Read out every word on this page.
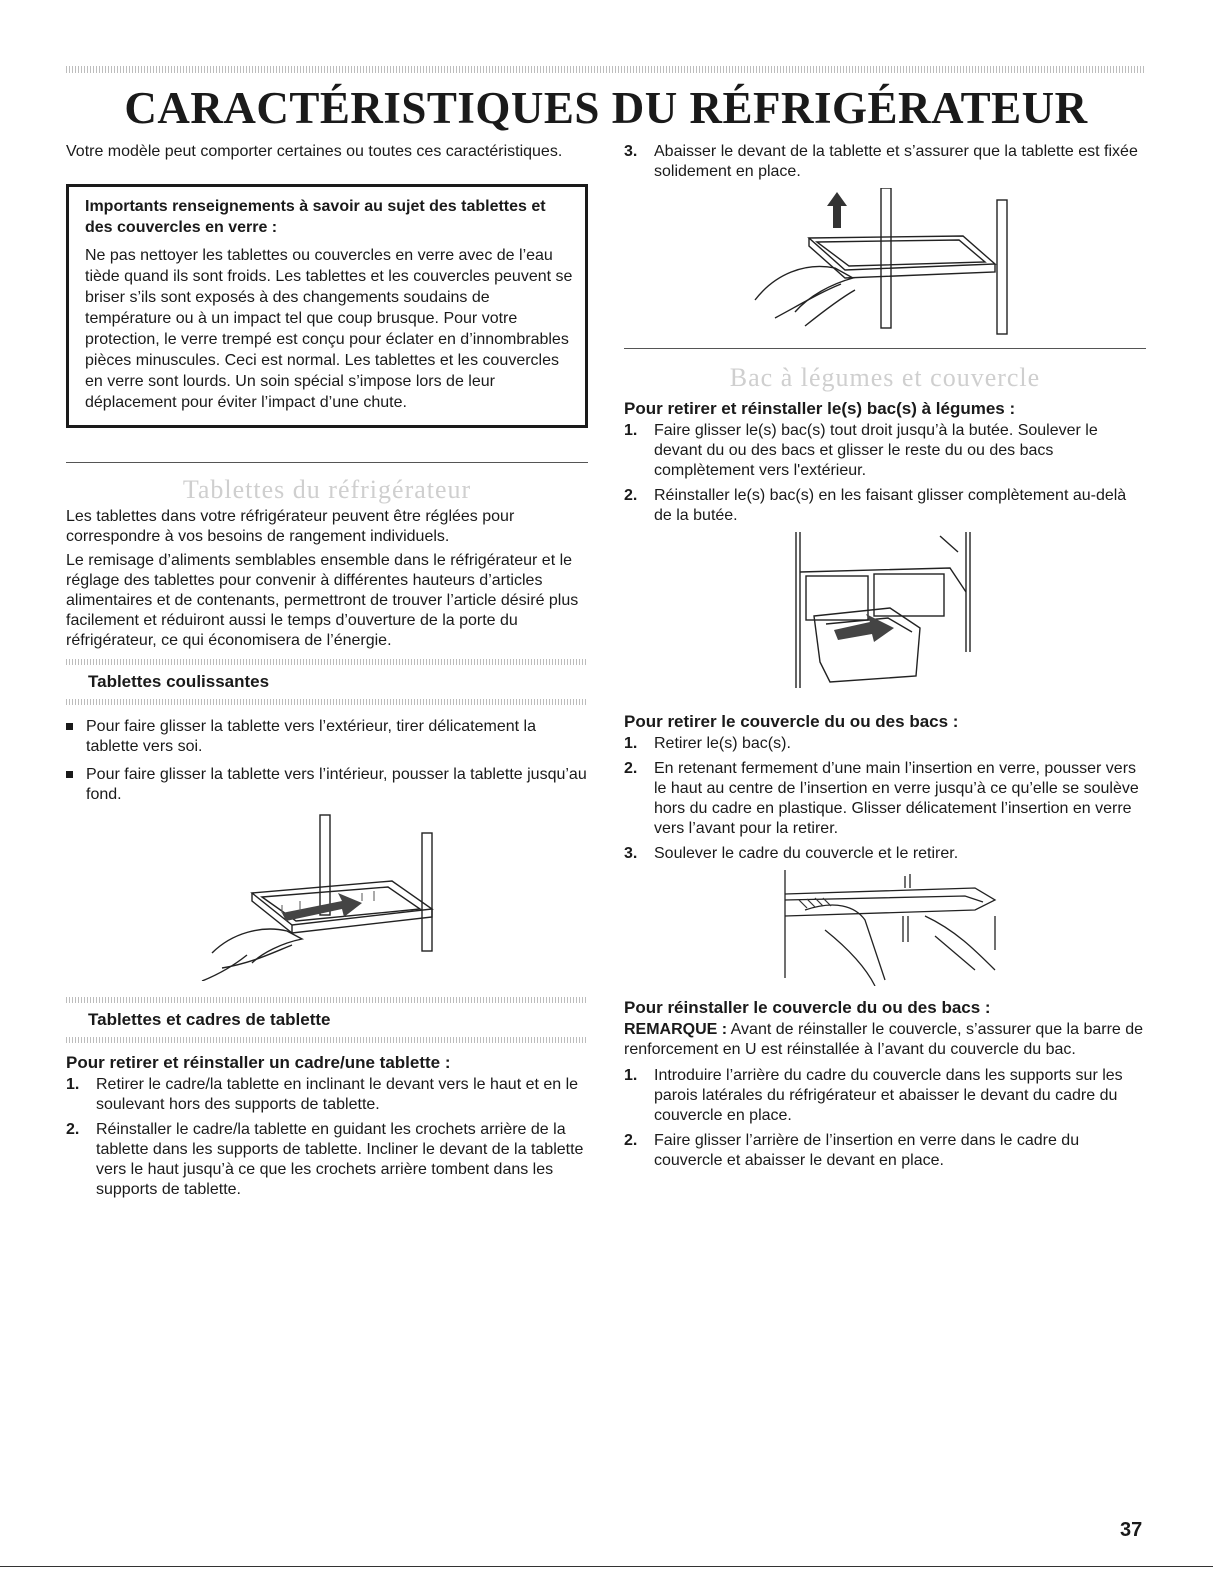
CARACTÉRISTIQUES DU RÉFRIGÉRATEUR

Votre modèle peut comporter certaines ou toutes ces caractéristiques.

Importants renseignements à savoir au sujet des tablettes et des couvercles en verre :

Ne pas nettoyer les tablettes ou couvercles en verre avec de l’eau tiède quand ils sont froids. Les tablettes et les couvercles peuvent se briser s’ils sont exposés à des changements soudains de température ou à un impact tel que coup brusque. Pour votre protection, le verre trempé est conçu pour éclater en d’innombrables pièces minuscules. Ceci est normal. Les tablettes et les couvercles en verre sont lourds. Un soin spécial s’impose lors de leur déplacement pour éviter l’impact d’une chute.

Tablettes du réfrigérateur

Les tablettes dans votre réfrigérateur peuvent être réglées pour correspondre à vos besoins de rangement individuels.

Le remisage d’aliments semblables ensemble dans le réfrigérateur et le réglage des tablettes pour convenir à différentes hauteurs d’articles alimentaires et de contenants, permettront de trouver l’article désiré plus facilement et réduiront aussi le temps d’ouverture de la porte du réfrigérateur, ce qui économisera de l’énergie.

Tablettes coulissantes
Pour faire glisser la tablette vers l’extérieur, tirer délicatement la tablette vers soi.
Pour faire glisser la tablette vers l’intérieur, pousser la tablette jusqu’au fond.
Tablettes et cadres de tablette
Pour retirer et réinstaller un cadre/une tablette :
1. Retirer le cadre/la tablette en inclinant le devant vers le haut et en le soulevant hors des supports de tablette.
2. Réinstaller le cadre/la tablette en guidant les crochets arrière de la tablette dans les supports de tablette. Incliner le devant de la tablette vers le haut jusqu’à ce que les crochets arrière tombent dans les supports de tablette.
3. Abaisser le devant de la tablette et s’assurer que la tablette est fixée solidement en place.
Bac à légumes et couvercle
Pour retirer et réinstaller le(s) bac(s) à légumes :
1. Faire glisser le(s) bac(s) tout droit jusqu’à la butée. Soulever le devant du ou des bacs et glisser le reste du ou des bacs complètement vers l'extérieur.
2. Réinstaller le(s) bac(s) en les faisant glisser complètement au-delà de la butée.
Pour retirer le couvercle du ou des bacs :
1. Retirer le(s) bac(s).
2. En retenant fermement d’une main l’insertion en verre, pousser vers le haut au centre de l’insertion en verre jusqu’à ce qu’elle se soulève hors du cadre en plastique. Glisser délicatement l’insertion en verre vers l’avant pour la retirer.
3. Soulever le cadre du couvercle et le retirer.
Pour réinstaller le couvercle du ou des bacs :

REMARQUE : Avant de réinstaller le couvercle, s’assurer que la barre de renforcement en U est réinstallée à l’avant du couvercle du bac.

1. Introduire l’arrière du cadre du couvercle dans les supports sur les parois latérales du réfrigérateur et abaisser le devant du cadre du couvercle en place.
2. Faire glisser l’arrière de l’insertion en verre dans le cadre du couvercle et abaisser le devant en place.
37
